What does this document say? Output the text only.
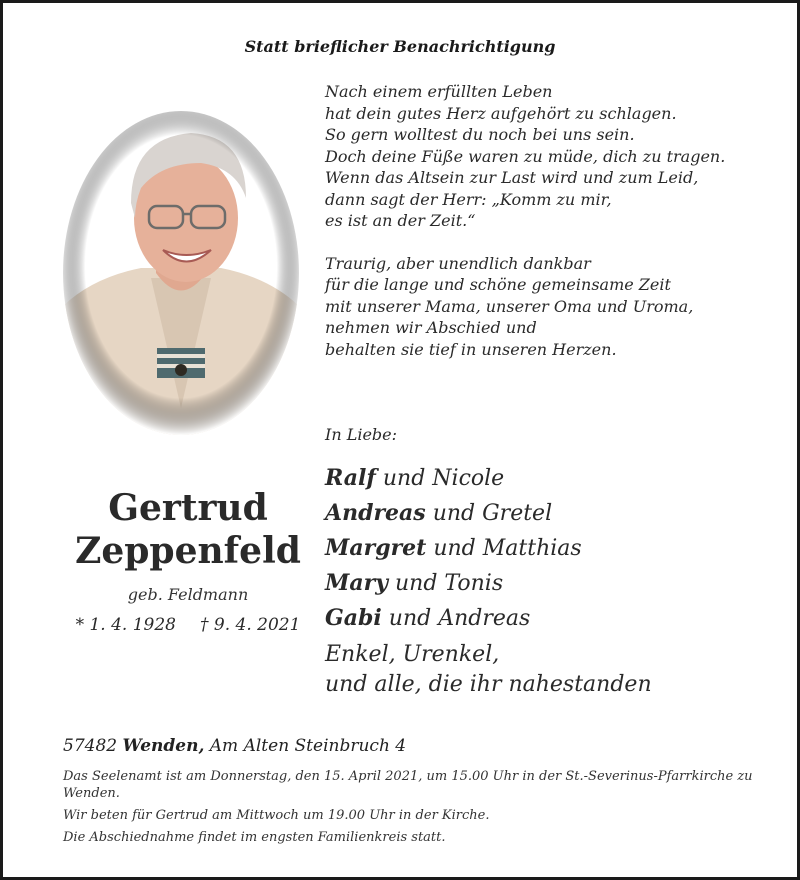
Statt brieflicher Benachrichtigung
Nach einem erfüllten Leben
hat dein gutes Herz aufgehört zu schlagen.
So gern wolltest du noch bei uns sein.
Doch deine Füße waren zu müde, dich zu tragen.
Wenn das Altsein zur Last wird und zum Leid,
dann sagt der Herr: „Komm zu mir,
es ist an der Zeit.“
Traurig, aber unendlich dankbar
für die lange und schöne gemeinsame Zeit
mit unserer Mama, unserer Oma und Uroma,
nehmen wir Abschied und
behalten sie tief in unseren Herzen.
Gertrud
Zeppenfeld
geb. Feldmann
* 1. 4. 1928 † 9. 4. 2021
In Liebe:
Ralf und Nicole
Andreas und Gretel
Margret und Matthias
Mary und Tonis
Gabi und Andreas
Enkel, Urenkel,
und alle, die ihr nahestanden
57482 Wenden, Am Alten Steinbruch 4
Das Seelenamt ist am Donnerstag, den 15. April 2021, um 15.00 Uhr in der St.-Severinus-Pfarrkirche zu Wenden.
Wir beten für Gertrud am Mittwoch um 19.00 Uhr in der Kirche.
Die Abschiednahme findet im engsten Familienkreis statt.
